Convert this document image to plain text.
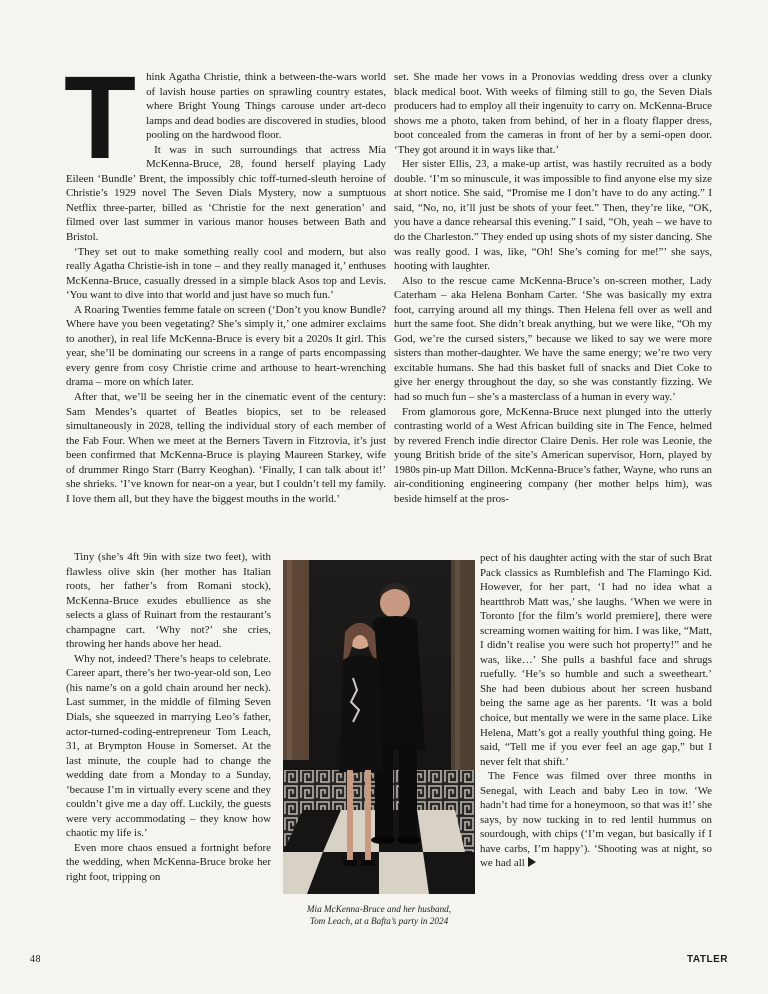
T hink Agatha Christie, think a between-the-wars world of lavish house parties on sprawling country estates, where Bright Young Things carouse under art-deco lamps and dead bodies are discovered in studies, blood pooling on the hardwood floor.

It was in such surroundings that actress Mia McKenna-Bruce, 28, found herself playing Lady Eileen ‘Bundle’ Brent, the impossibly chic toff-turned-sleuth heroine of Christie’s 1929 novel The Seven Dials Mystery, now a sumptuous Netflix three-parter, billed as ‘Christie for the next generation’ and filmed over last summer in various manor houses between Bath and Bristol.

‘They set out to make something really cool and modern, but also really Agatha Christie-ish in tone – and they really managed it,’ enthuses McKenna-Bruce, casually dressed in a simple black Asos top and Levis. ‘You want to dive into that world and just have so much fun.’

A Roaring Twenties femme fatale on screen (‘Don’t you know Bundle? Where have you been vegetating? She’s simply it,’ one admirer exclaims to another), in real life McKenna-Bruce is every bit a 2020s It girl. This year, she’ll be dominating our screens in a range of parts encompassing every genre from cosy Christie crime and arthouse to heart-wrenching drama – more on which later.

After that, we’ll be seeing her in the cinematic event of the century: Sam Mendes’s quartet of Beatles biopics, set to be released simultaneously in 2028, telling the individual story of each member of the Fab Four. When we meet at the Berners Tavern in Fitzrovia, it’s just been confirmed that McKenna-Bruce is playing Maureen Starkey, wife of drummer Ringo Starr (Barry Keoghan). ‘Finally, I can talk about it!’ she shrieks. ‘I’ve known for near-on a year, but I couldn’t tell my family. I love them all, but they have the biggest mouths in the world.’

Tiny (she’s 4ft 9in with size two feet), with flawless olive skin (her mother has Italian roots, her father’s from Romani stock), McKenna-Bruce exudes ebullience as she selects a glass of Ruinart from the restaurant’s champagne cart. ‘Why not?’ she cries, throwing her hands above her head.

Why not, indeed? There’s heaps to celebrate. Career apart, there’s her two-year-old son, Leo (his name’s on a gold chain around her neck). Last summer, in the middle of filming Seven Dials, she squeezed in marrying Leo’s father, actor-turned-coding-entrepreneur Tom Leach, 31, at Brympton House in Somerset. At the last minute, the couple had to change the wedding date from a Monday to a Sunday, ‘because I’m in virtually every scene and they couldn’t give me a day off. Luckily, the guests were very accommodating – they know how chaotic my life is.’

Even more chaos ensued a fortnight before the wedding, when McKenna-Bruce broke her right foot, tripping on

set. She made her vows in a Pronovias wedding dress over a clunky black medical boot. With weeks of filming still to go, the Seven Dials producers had to employ all their ingenuity to carry on. McKenna-Bruce shows me a photo, taken from behind, of her in a floaty flapper dress, boot concealed from the cameras in front of her by a semi-open door. ‘They got around it in ways like that.’

Her sister Ellis, 23, a make-up artist, was hastily recruited as a body double. ‘I’m so minuscule, it was impossible to find anyone else my size at short notice. She said, “Promise me I don’t have to do any acting.” I said, “No, no, it’ll just be shots of your feet.” Then, they’re like, “OK, you have a dance rehearsal this evening.” I said, “Oh, yeah – we have to do the Charleston.” They ended up using shots of my sister dancing. She was really good. I was, like, “Oh! She’s coming for me!”’ she says, hooting with laughter.

Also to the rescue came McKenna-Bruce’s on-screen mother, Lady Caterham – aka Helena Bonham Carter. ‘She was basically my extra foot, carrying around all my things. Then Helena fell over as well and hurt the same foot. She didn’t break anything, but we were like, “Oh my God, we’re the cursed sisters,” because we liked to say we were more sisters than mother-daughter. We have the same energy; we’re two very excitable humans. She had this basket full of snacks and Diet Coke to give her energy throughout the day, so she was constantly fizzing. We had so much fun – she’s a masterclass of a human in every way.’

From glamorous gore, McKenna-Bruce next plunged into the utterly contrasting world of a West African building site in The Fence, helmed by revered French indie director Claire Denis. Her role was Leonie, the young British bride of the site’s American supervisor, Horn, played by 1980s pin-up Matt Dillon. McKenna-Bruce’s father, Wayne, who runs an air-conditioning engineering company (her mother helps him), was beside himself at the pros-

pect of his daughter acting with the star of such Brat Pack classics as Rumblefish and The Flamingo Kid. However, for her part, ‘I had no idea what a heartthrob Matt was,’ she laughs. ‘When we were in Toronto [for the film’s world premiere], there were screaming women waiting for him. I was like, “Matt, I didn’t realise you were such hot property!” and he was, like…’ She pulls a bashful face and shrugs ruefully. ‘He’s so humble and such a sweetheart.’ She had been dubious about her screen husband being the same age as her parents. ‘It was a bold choice, but mentally we were in the same place. Like Helena, Matt’s got a really youthful thing going. He said, “Tell me if you ever feel an age gap,” but I never felt that shift.’

The Fence was filmed over three months in Senegal, with Leach and baby Leo in tow. ‘We hadn’t had time for a honeymoon, so that was it!’ she says, by now tucking in to red lentil hummus on sourdough, with chips (‘I’m vegan, but basically if I have carbs, I’m happy’). ‘Shooting was at night, so we had all

Mia McKenna-Bruce and her husband,
Tom Leach, at a Bafta’s party in 2024
48	TATLER
